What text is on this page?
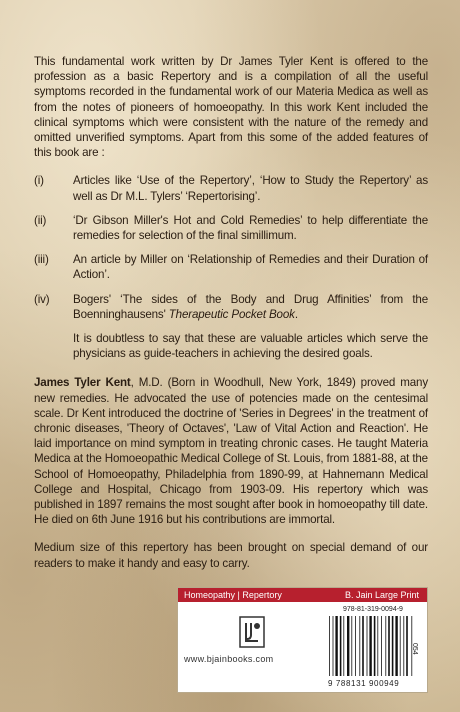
This fundamental work written by Dr James Tyler Kent is offered to the profession as a basic Repertory and is a compilation of all the useful symptoms recorded in the fundamental work of our Materia Medica as well as from the notes of pioneers of homoeopathy. In this work Kent included the clinical symptoms which were consistent with the nature of the remedy and omitted unverified symptoms. Apart from this some of the added features of this book are :

(i)	Articles like ‘Use of the Repertory’, ‘How to Study the Repertory’ as well as Dr M.L. Tylers’ ‘Repertorising’.
(ii) ‘Dr Gibson Miller's Hot and Cold Remedies’ to help differentiate the remedies for selection of the final simillimum.
(iii) An article by Miller on ‘Relationship of Remedies and their Duration of Action’.
(iv) Bogers' ‘The sides of the Body and Drug Affinities’ from the Boenninghausens' Therapeutic Pocket Book.

It is doubtless to say that these are valuable articles which serve the physicians as guide-teachers in achieving the desired goals.

James Tyler Kent, M.D. (Born in Woodhull, New York, 1849) proved many new remedies. He advocated the use of potencies made on the centesimal scale. Dr Kent introduced the doctrine of 'Series in Degrees' in the treatment of chronic diseases, 'Theory of Octaves', 'Law of Vital Action and Reaction'. He laid importance on mind symptom in treating chronic cases. He taught Materia Medica at the Homoeopathic Medical College of St. Louis, from 1881-88, at the School of Homoeopathy, Philadelphia from 1890-99, at Hahnemann Medical College and Hospital, Chicago from 1903-09. His repertory which was published in 1897 remains the most sought after book in homoeopathy till date. He died on 6th June 1916 but his contributions are immortal.

Medium size of this repertory has been brought on special demand of our readers to make it handy and easy to carry.

Homeopathy | Repertory	B. Jain Large Print
www.bjainbooks.com
978-81-319-0094-9
9 788131 900949
054
